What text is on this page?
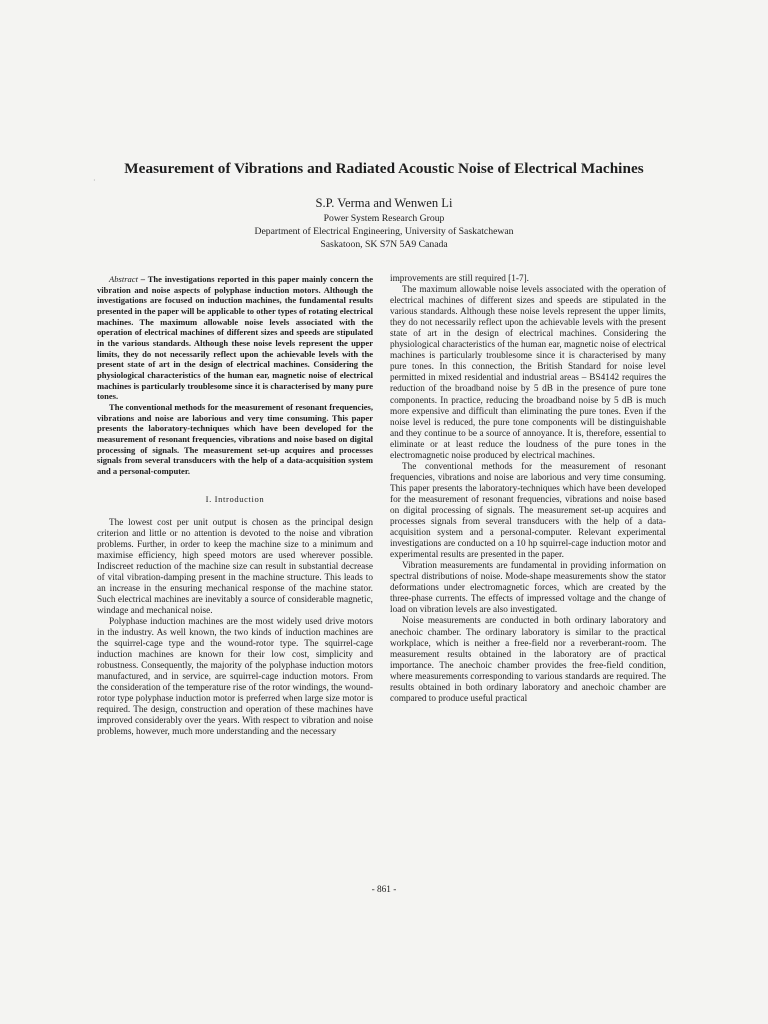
·
Measurement of Vibrations and Radiated Acoustic Noise of Electrical Machines
S.P. Verma and Wenwen Li
Power System Research Group
Department of Electrical Engineering, University of Saskatchewan
Saskatoon, SK S7N 5A9 Canada

Abstract – The investigations reported in this paper mainly concern the vibration and noise aspects of polyphase induction motors. Although the investigations are focused on induction machines, the fundamental results presented in the paper will be applicable to other types of rotating electrical machines. The maximum allowable noise levels associated with the operation of electrical machines of different sizes and speeds are stipulated in the various standards. Although these noise levels represent the upper limits, they do not necessarily reflect upon the achievable levels with the present state of art in the design of electrical machines. Considering the physiological characteristics of the human ear, magnetic noise of electrical machines is particularly troublesome since it is characterised by many pure tones.

The conventional methods for the measurement of resonant frequencies, vibrations and noise are laborious and very time consuming. This paper presents the laboratory-techniques which have been developed for the measurement of resonant frequencies, vibrations and noise based on digital processing of signals. The measurement set-up acquires and processes signals from several transducers with the help of a data-acquisition system and a personal-computer.

I. Introduction

The lowest cost per unit output is chosen as the principal design criterion and little or no attention is devoted to the noise and vibration problems. Further, in order to keep the machine size to a minimum and maximise efficiency, high speed motors are used wherever possible. Indiscreet reduction of the machine size can result in substantial decrease of vital vibration-damping present in the machine structure. This leads to an increase in the ensuring mechanical response of the machine stator. Such electrical machines are inevitably a source of considerable magnetic, windage and mechanical noise.

Polyphase induction machines are the most widely used drive motors in the industry. As well known, the two kinds of induction machines are the squirrel-cage type and the wound-rotor type. The squirrel-cage induction machines are known for their low cost, simplicity and robustness. Consequently, the majority of the polyphase induction motors manufactured, and in service, are squirrel-cage induction motors. From the consideration of the temperature rise of the rotor windings, the wound-rotor type polyphase induction motor is preferred when large size motor is required. The design, construction and operation of these machines have improved considerably over the years. With respect to vibration and noise problems, however, much more understanding and the necessary

improvements are still required [1-7].

The maximum allowable noise levels associated with the operation of electrical machines of different sizes and speeds are stipulated in the various standards. Although these noise levels represent the upper limits, they do not necessarily reflect upon the achievable levels with the present state of art in the design of electrical machines. Considering the physiological characteristics of the human ear, magnetic noise of electrical machines is particularly troublesome since it is characterised by many pure tones. In this connection, the British Standard for noise level permitted in mixed residential and industrial areas – BS4142 requires the reduction of the broadband noise by 5 dB in the presence of pure tone components. In practice, reducing the broadband noise by 5 dB is much more expensive and difficult than eliminating the pure tones. Even if the noise level is reduced, the pure tone components will be distinguishable and they continue to be a source of annoyance. It is, therefore, essential to eliminate or at least reduce the loudness of the pure tones in the electromagnetic noise produced by electrical machines.

The conventional methods for the measurement of resonant frequencies, vibrations and noise are laborious and very time consuming. This paper presents the laboratory-techniques which have been developed for the measurement of resonant frequencies, vibrations and noise based on digital processing of signals. The measurement set-up acquires and processes signals from several transducers with the help of a data-acquisition system and a personal-computer. Relevant experimental investigations are conducted on a 10 hp squirrel-cage induction motor and experimental results are presented in the paper.

Vibration measurements are fundamental in providing information on spectral distributions of noise. Mode-shape measurements show the stator deformations under electromagnetic forces, which are created by the three-phase currents. The effects of impressed voltage and the change of load on vibration levels are also investigated.

Noise measurements are conducted in both ordinary laboratory and anechoic chamber. The ordinary laboratory is similar to the practical workplace, which is neither a free-field nor a reverberant-room. The measurement results obtained in the laboratory are of practical importance. The anechoic chamber provides the free-field condition, where measurements corresponding to various standards are required. The results obtained in both ordinary laboratory and anechoic chamber are compared to produce useful practical

- 861 -
